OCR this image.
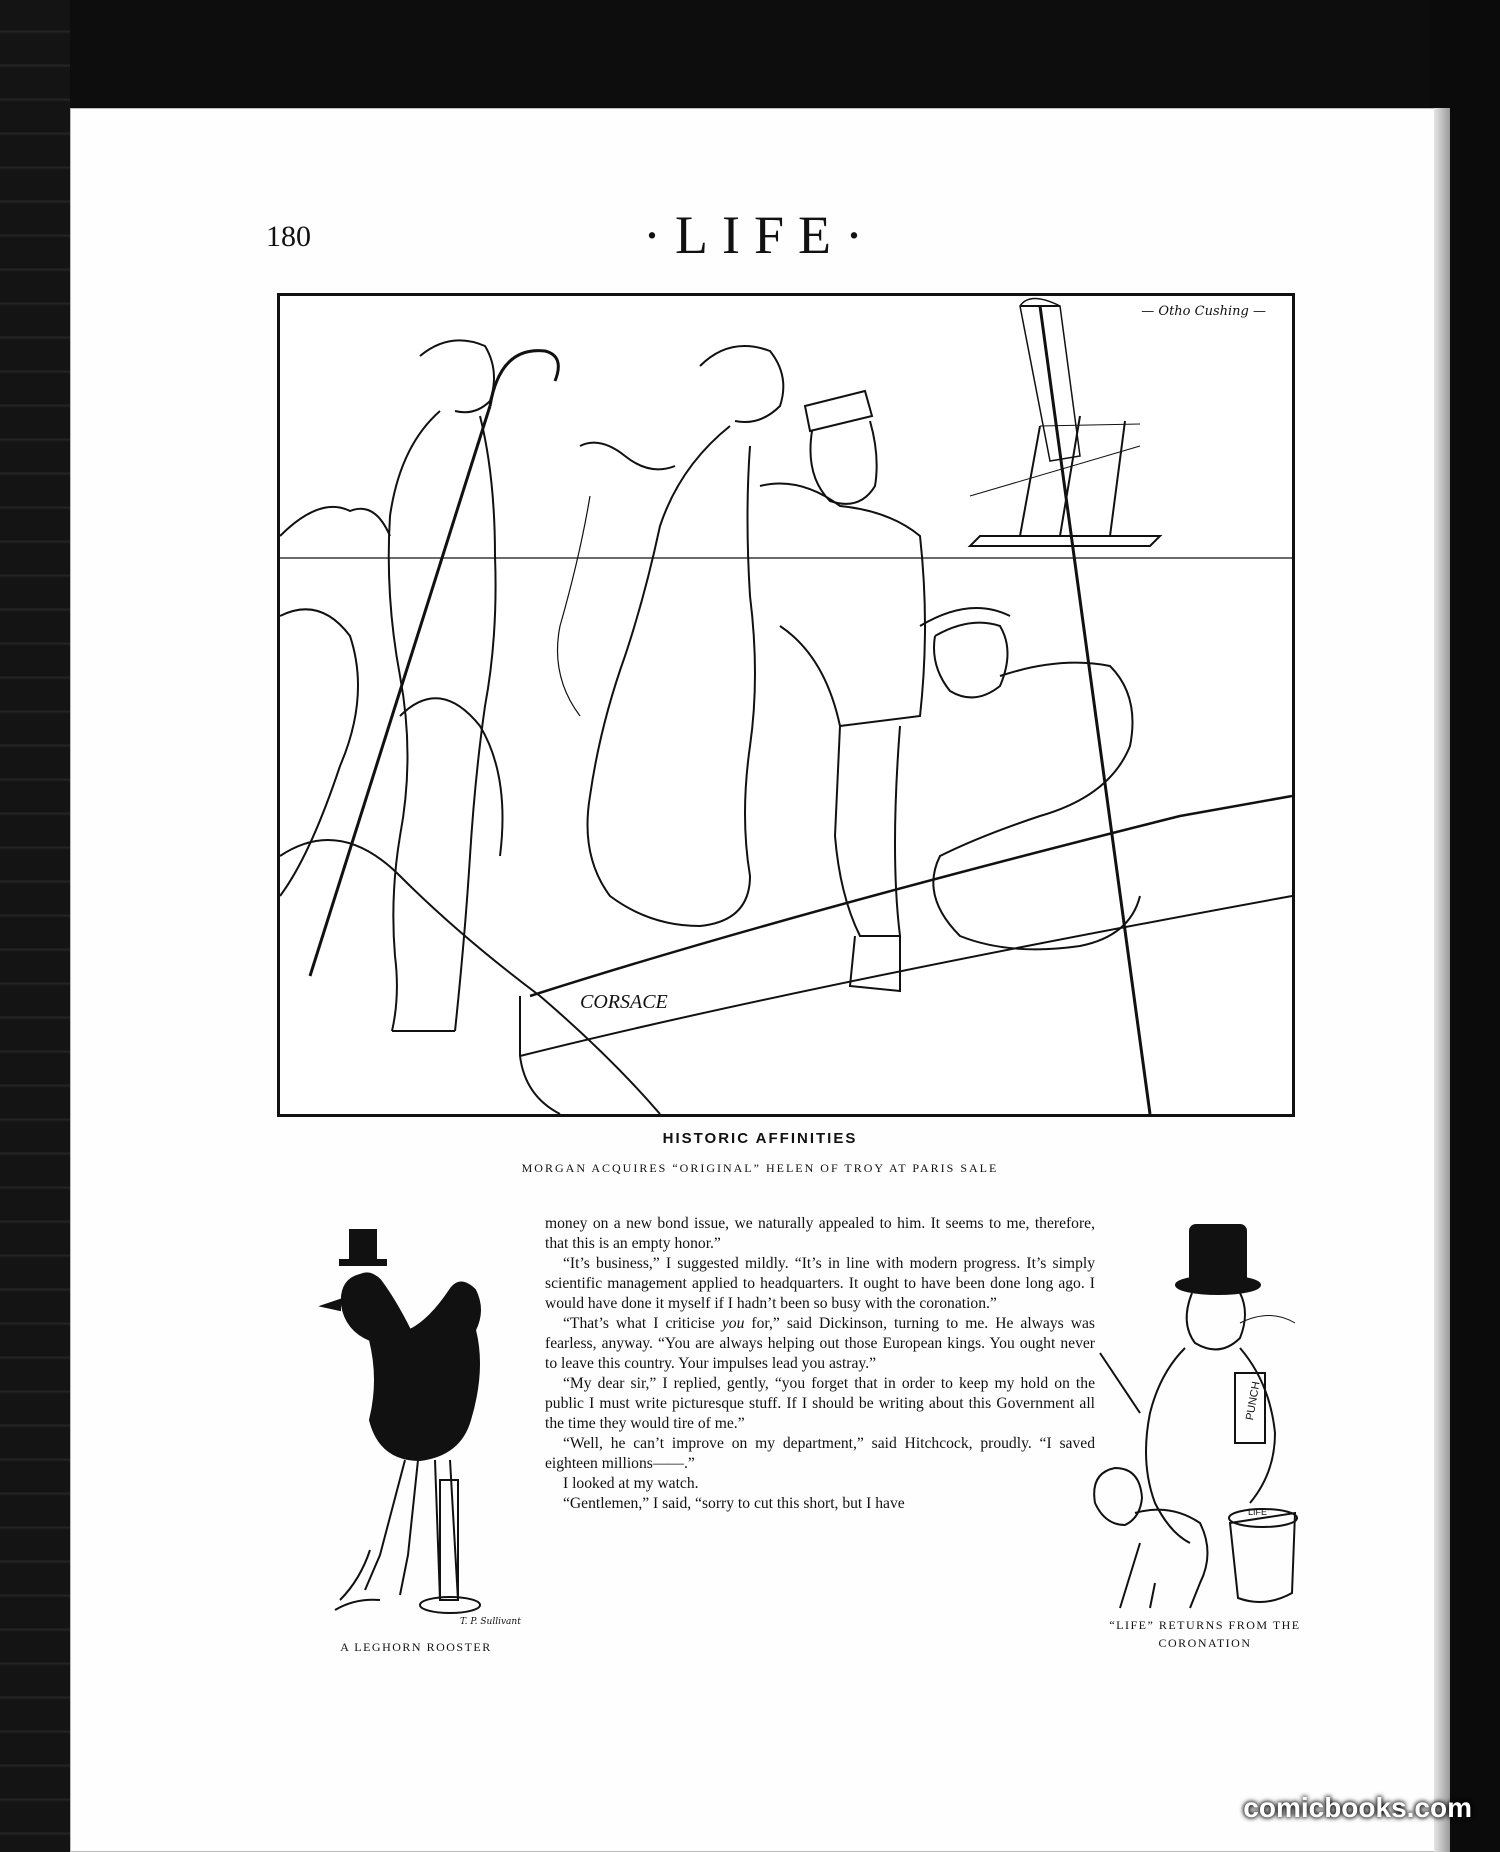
180	·LIFE·
CORSACE
— Otho Cushing —
HISTORIC AFFINITIES
MORGAN ACQUIRES “ORIGINAL” HELEN OF TROY AT PARIS SALE
T. P. Sullivant
A LEGHORN ROOSTER

money on a new bond issue, we naturally appealed to him. It seems to me, therefore, that this is an empty honor.”

“It’s business,” I suggested mildly. “It’s in line with modern progress. It’s simply scientific management applied to headquarters. It ought to have been done long ago. I would have done it myself if I hadn’t been so busy with the coronation.”

“That’s what I criticise you for,” said Dickinson, turning to me. He always was fearless, anyway. “You are always helping out those European kings. You ought never to leave this country. Your impulses lead you astray.”

“My dear sir,” I replied, gently, “you forget that in order to keep my hold on the public I must write picturesque stuff. If I should be writing about this Government all the time they would tire of me.”

“Well, he can’t improve on my department,” said Hitchcock, proudly. “I saved eighteen millions——.”

I looked at my watch.

“Gentlemen,” I said, “sorry to cut this short, but I have

PUNCH
LIFE
“LIFE” RETURNS FROM THE
CORONATION
comicbooks.com
